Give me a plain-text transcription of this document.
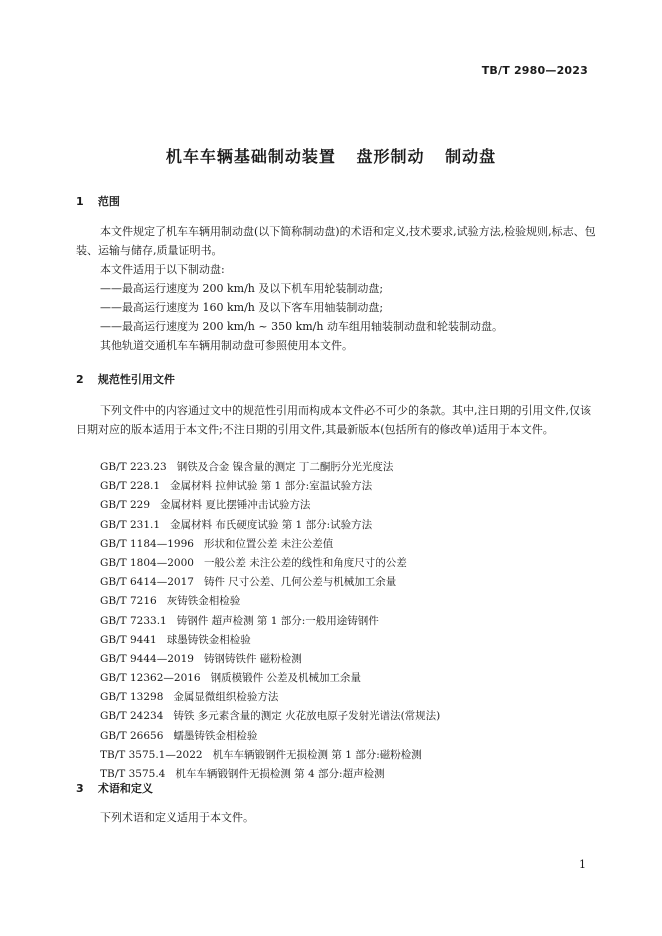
TB/T 2980—2023
机车车辆基础制动装置 盘形制动 制动盘
1 范围
本文件规定了机车车辆用制动盘(以下简称制动盘)的术语和定义,技术要求,试验方法,检验规则,标志、包装、运输与储存,质量证明书。
本文件适用于以下制动盘:
——最高运行速度为 200 km/h 及以下机车用轮装制动盘;
——最高运行速度为 160 km/h 及以下客车用轴装制动盘;
——最高运行速度为 200 km/h ~ 350 km/h 动车组用轴装制动盘和轮装制动盘。
其他轨道交通机车车辆用制动盘可参照使用本文件。
2 规范性引用文件
下列文件中的内容通过文中的规范性引用而构成本文件必不可少的条款。其中,注日期的引用文件,仅该日期对应的版本适用于本文件;不注日期的引用文件,其最新版本(包括所有的修改单)适用于本文件。
GB/T 223.23 钢铁及合金 镍含量的测定 丁二酮肟分光光度法
GB/T 228.1 金属材料 拉伸试验 第 1 部分:室温试验方法
GB/T 229 金属材料 夏比摆锤冲击试验方法
GB/T 231.1 金属材料 布氏硬度试验 第 1 部分:试验方法
GB/T 1184—1996 形状和位置公差 未注公差值
GB/T 1804—2000 一般公差 未注公差的线性和角度尺寸的公差
GB/T 6414—2017 铸件 尺寸公差、几何公差与机械加工余量
GB/T 7216 灰铸铁金相检验
GB/T 7233.1 铸钢件 超声检测 第 1 部分:一般用途铸钢件
GB/T 9441 球墨铸铁金相检验
GB/T 9444—2019 铸钢铸铁件 磁粉检测
GB/T 12362—2016 钢质模锻件 公差及机械加工余量
GB/T 13298 金属显微组织检验方法
GB/T 24234 铸铁 多元素含量的测定 火花放电原子发射光谱法(常规法)
GB/T 26656 蠕墨铸铁金相检验
TB/T 3575.1—2022 机车车辆锻钢件无损检测 第 1 部分:磁粉检测
TB/T 3575.4 机车车辆锻钢件无损检测 第 4 部分:超声检测
3 术语和定义
下列术语和定义适用于本文件。
1
